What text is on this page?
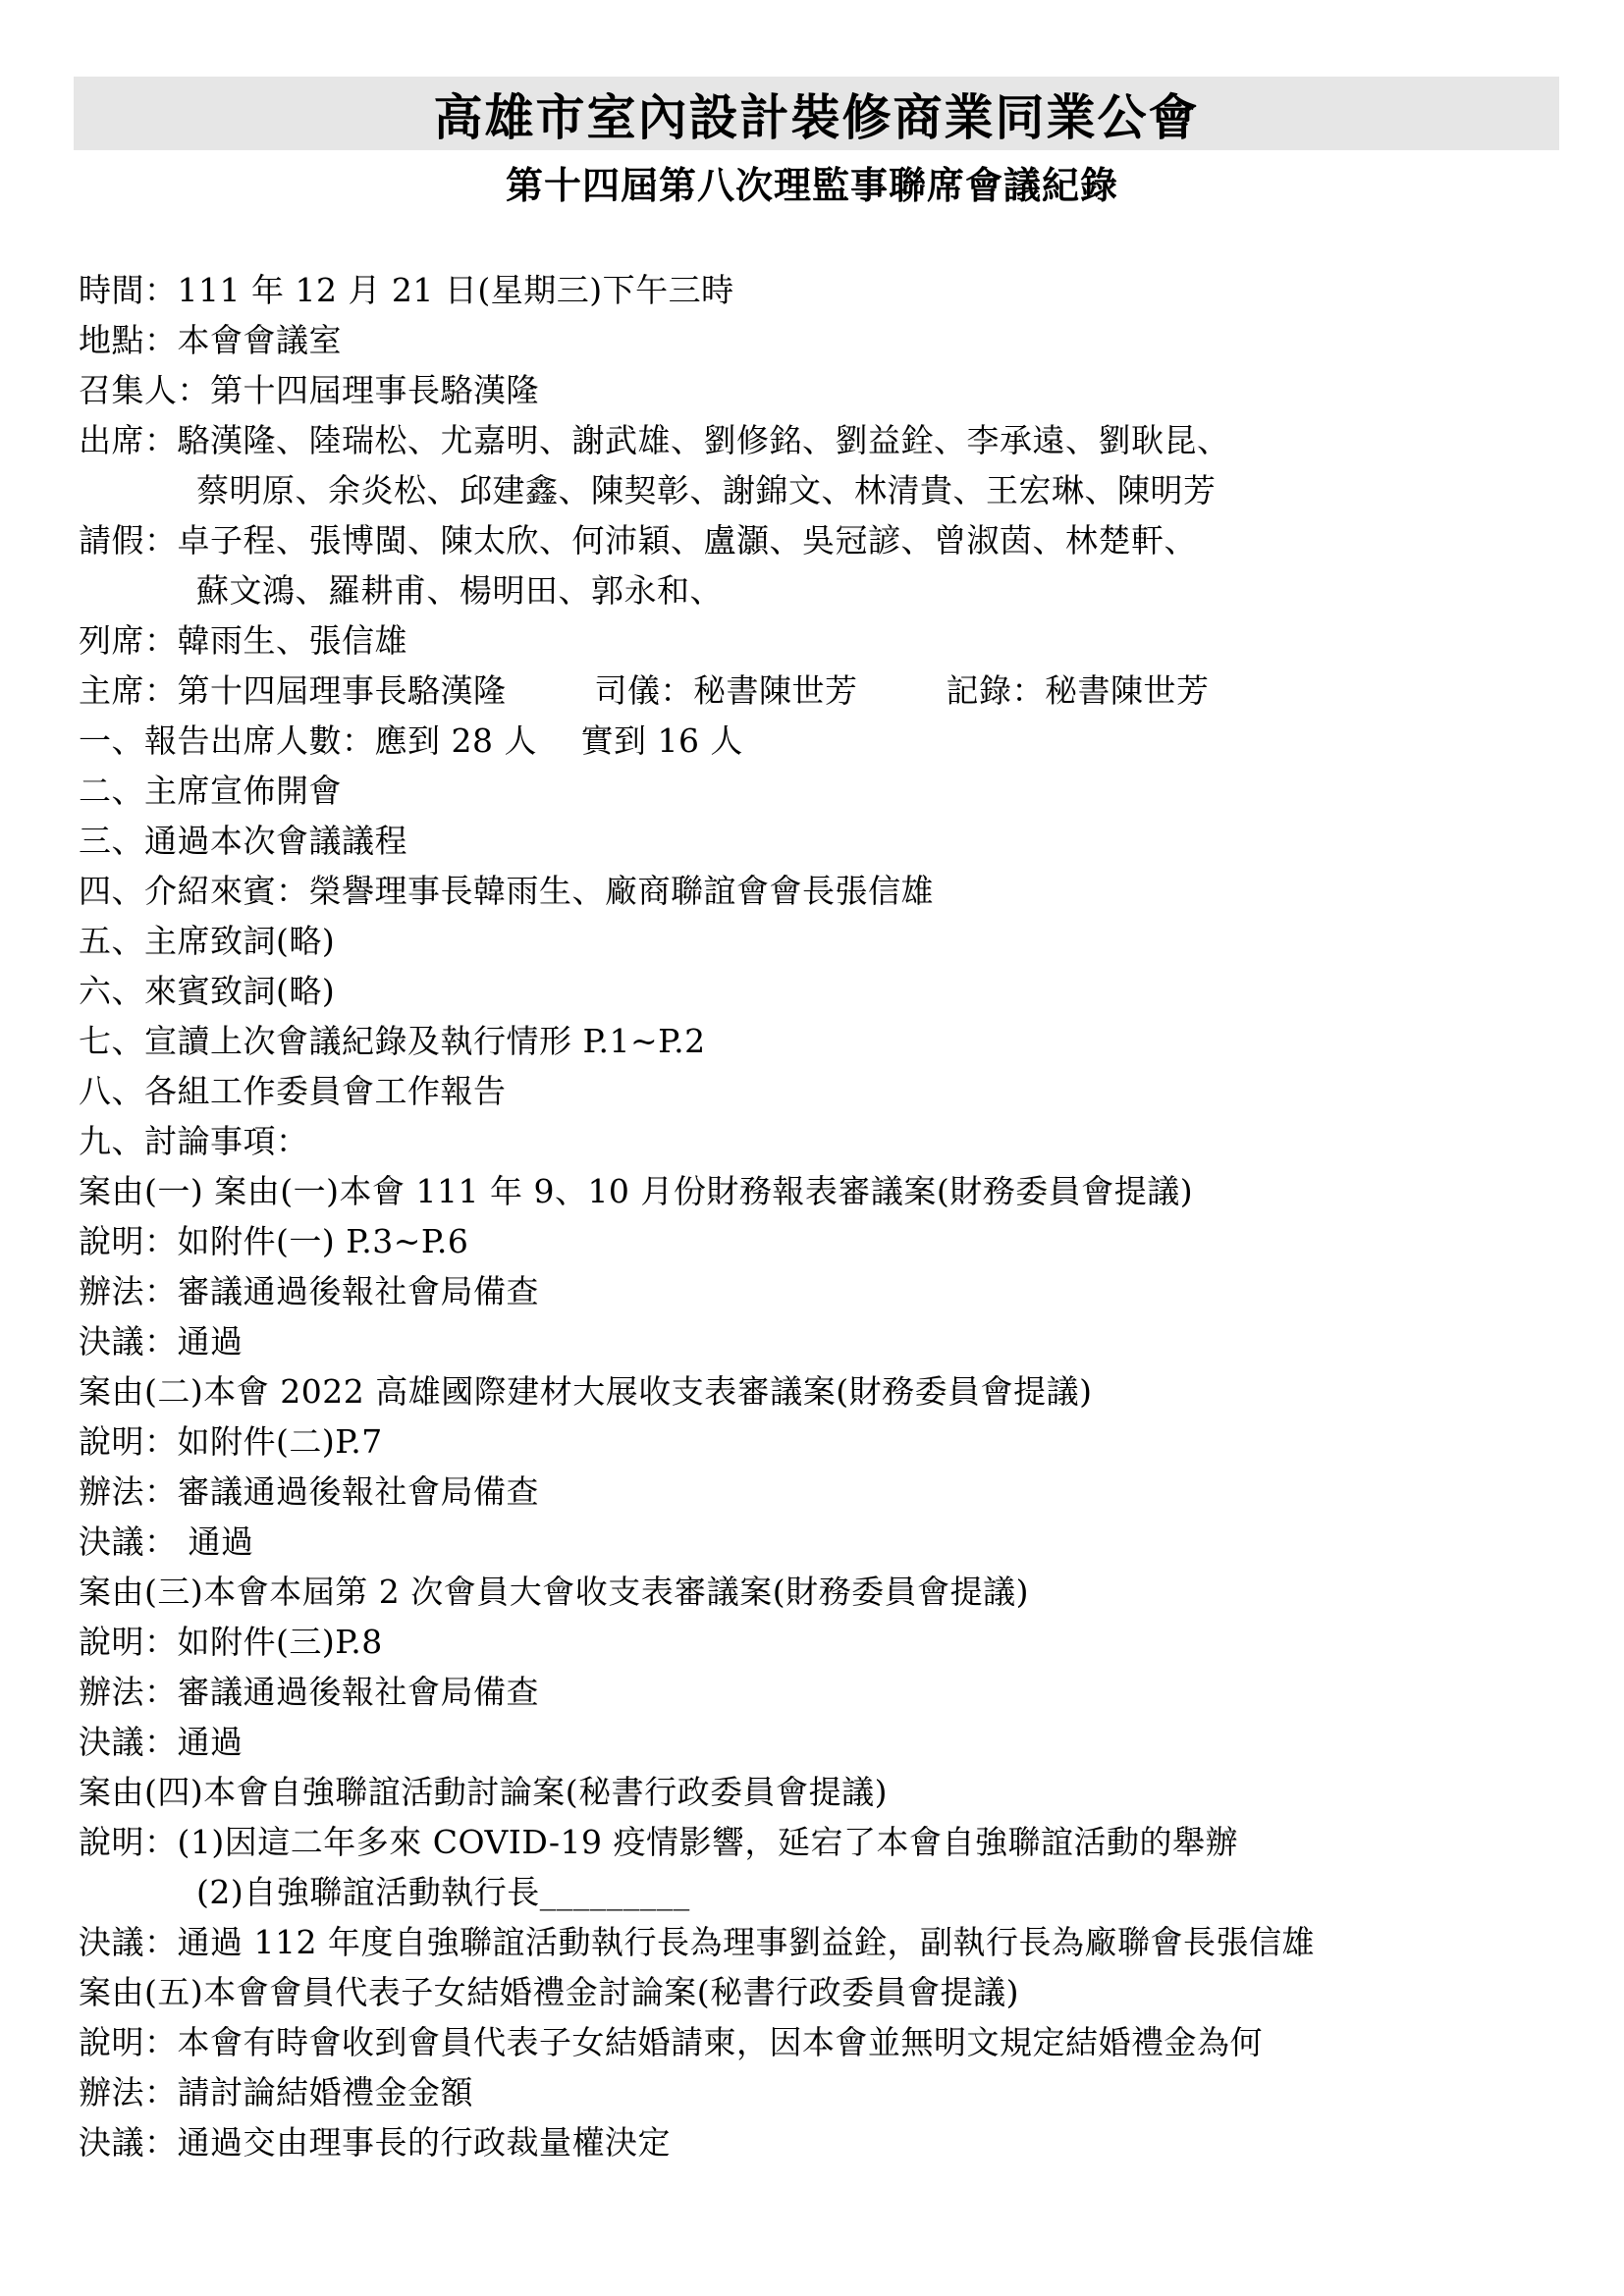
高雄市室內設計裝修商業同業公會
第十四屆第八次理監事聯席會議紀錄
時間：111 年 12 月 21 日(星期三)下午三時
地點：本會會議室
召集人：第十四屆理事長駱漢隆
出席：駱漢隆、陸瑞松、尤嘉明、謝武雄、劉修銘、劉益銓、李承遠、劉耿昆、
蔡明原、余炎松、邱建鑫、陳契彰、謝錦文、林清貴、王宏琳、陳明芳
請假：卓子程、張博閩、陳太欣、何沛穎、盧灝、吳冠諺、曾淑茵、林楚軒、
蘇文鴻、羅耕甫、楊明田、郭永和、
列席：韓雨生、張信雄
主席：第十四屆理事長駱漢隆	司儀：秘書陳世芳	記錄：秘書陳世芳
一、報告出席人數：應到 28 人　 實到 16 人
二、主席宣佈開會
三、通過本次會議議程
四、介紹來賓：榮譽理事長韓雨生、廠商聯誼會會長張信雄
五、主席致詞(略)
六、來賓致詞(略)
七、宣讀上次會議紀錄及執行情形 P.1~P.2
八、各組工作委員會工作報告
九、討論事項：
案由(一) 案由(一)本會 111 年 9、10 月份財務報表審議案(財務委員會提議)
說明：如附件(一) P.3~P.6
辦法：審議通過後報社會局備查
決議：通過
案由(二)本會 2022 高雄國際建材大展收支表審議案(財務委員會提議)
說明：如附件(二)P.7
辦法：審議通過後報社會局備查
決議： 通過
案由(三)本會本屆第 2 次會員大會收支表審議案(財務委員會提議)
說明：如附件(三)P.8
辦法：審議通過後報社會局備查
決議：通過
案由(四)本會自強聯誼活動討論案(秘書行政委員會提議)
說明：(1)因這二年多來 COVID-19 疫情影響，延宕了本會自強聯誼活動的舉辦
(2)自強聯誼活動執行長_________
決議：通過 112 年度自強聯誼活動執行長為理事劉益銓，副執行長為廠聯會長張信雄
案由(五)本會會員代表子女結婚禮金討論案(秘書行政委員會提議)
說明：本會有時會收到會員代表子女結婚請柬，因本會並無明文規定結婚禮金為何
辦法：請討論結婚禮金金額
決議：通過交由理事長的行政裁量權決定
